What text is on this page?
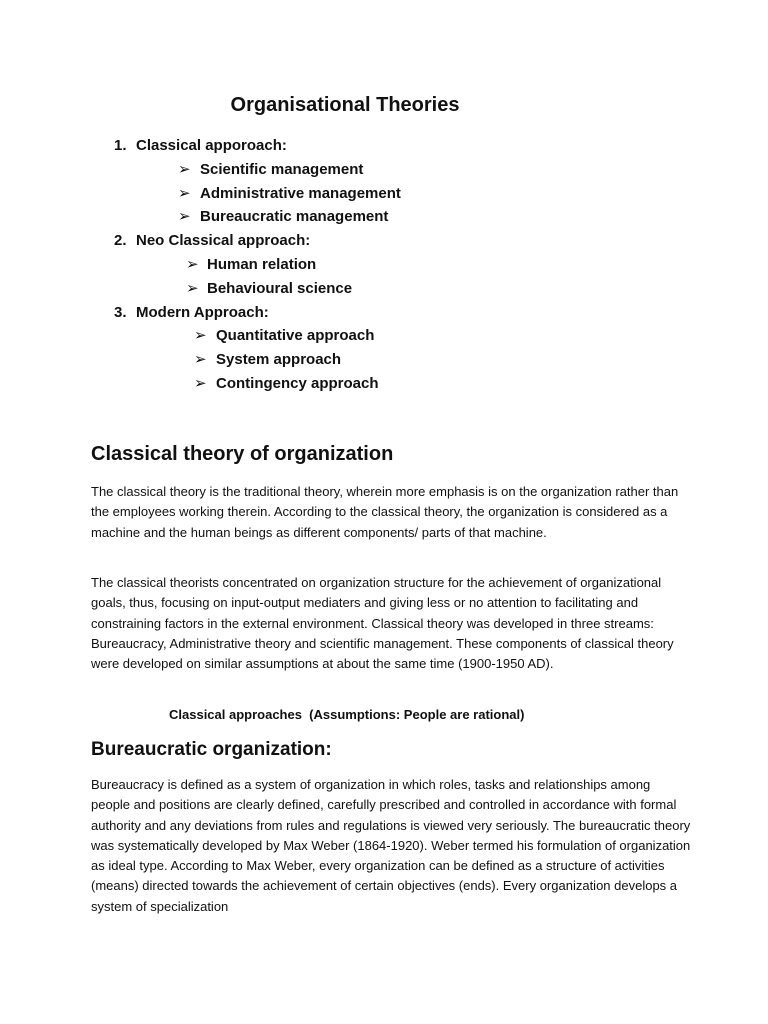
Organisational Theories
1. Classical apporoach:
➢ Scientific management
➢ Administrative management
➢ Bureaucratic management
2. Neo Classical approach:
➢ Human relation
➢ Behavioural science
3. Modern Approach:
➢ Quantitative approach
➢ System approach
➢ Contingency approach
Classical theory of organization

The classical theory is the traditional theory, wherein more emphasis is on the organization rather than the employees working therein. According to the classical theory, the organization is considered as a machine and the human beings as different components/ parts of that machine.

The classical theorists concentrated on organization structure for the achievement of organizational goals, thus, focusing on input-output mediaters and giving less or no attention to facilitating and constraining factors in the external environment. Classical theory was developed in three streams: Bureaucracy, Administrative theory and scientific management. These components of classical theory were developed on similar assumptions at about the same time (1900-1950 AD).

Classical approaches  (Assumptions: People are rational)

Bureaucratic organization:

Bureaucracy is defined as a system of organization in which roles, tasks and relationships among people and positions are clearly defined, carefully prescribed and controlled in accordance with formal authority and any deviations from rules and regulations is viewed very seriously. The bureaucratic theory was systematically developed by Max Weber (1864-1920). Weber termed his formulation of organization as ideal type. According to Max Weber, every organization can be defined as a structure of activities (means) directed towards the achievement of certain objectives (ends). Every organization develops a system of specialization
